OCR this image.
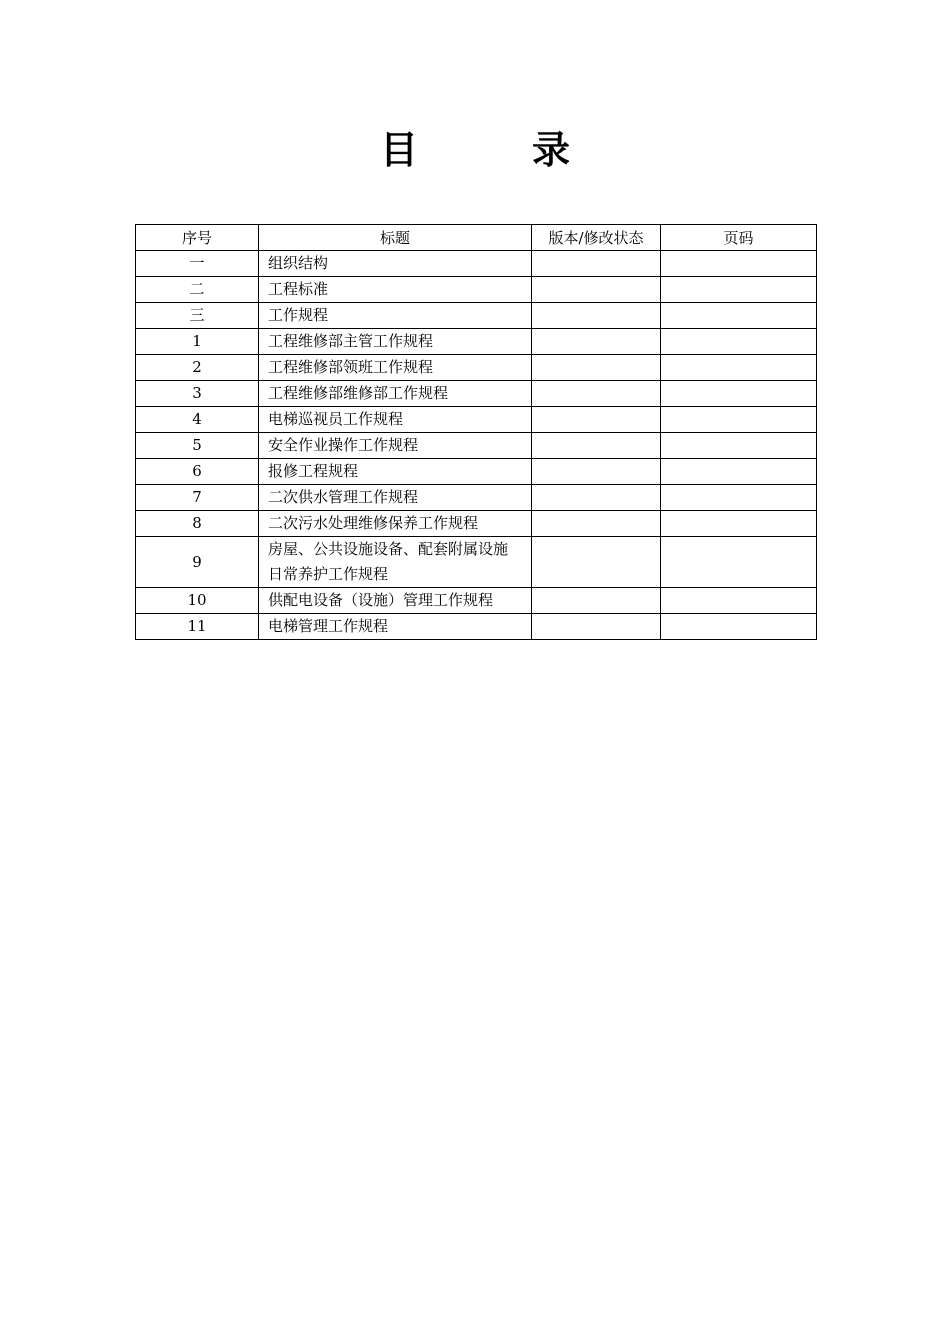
目　录
序号	标题	版本/修改状态	页码
一	组织结构		
二	工程标准		
三	工作规程		
1	工程维修部主管工作规程		
2	工程维修部领班工作规程		
3	工程维修部维修部工作规程		
4	电梯巡视员工作规程		
5	安全作业操作工作规程		
6	报修工程规程		
7	二次供水管理工作规程		
8	二次污水处理维修保养工作规程		
9	房屋、公共设施设备、配套附属设施
日常养护工作规程		
10	供配电设备（设施）管理工作规程		
11	电梯管理工作规程		
